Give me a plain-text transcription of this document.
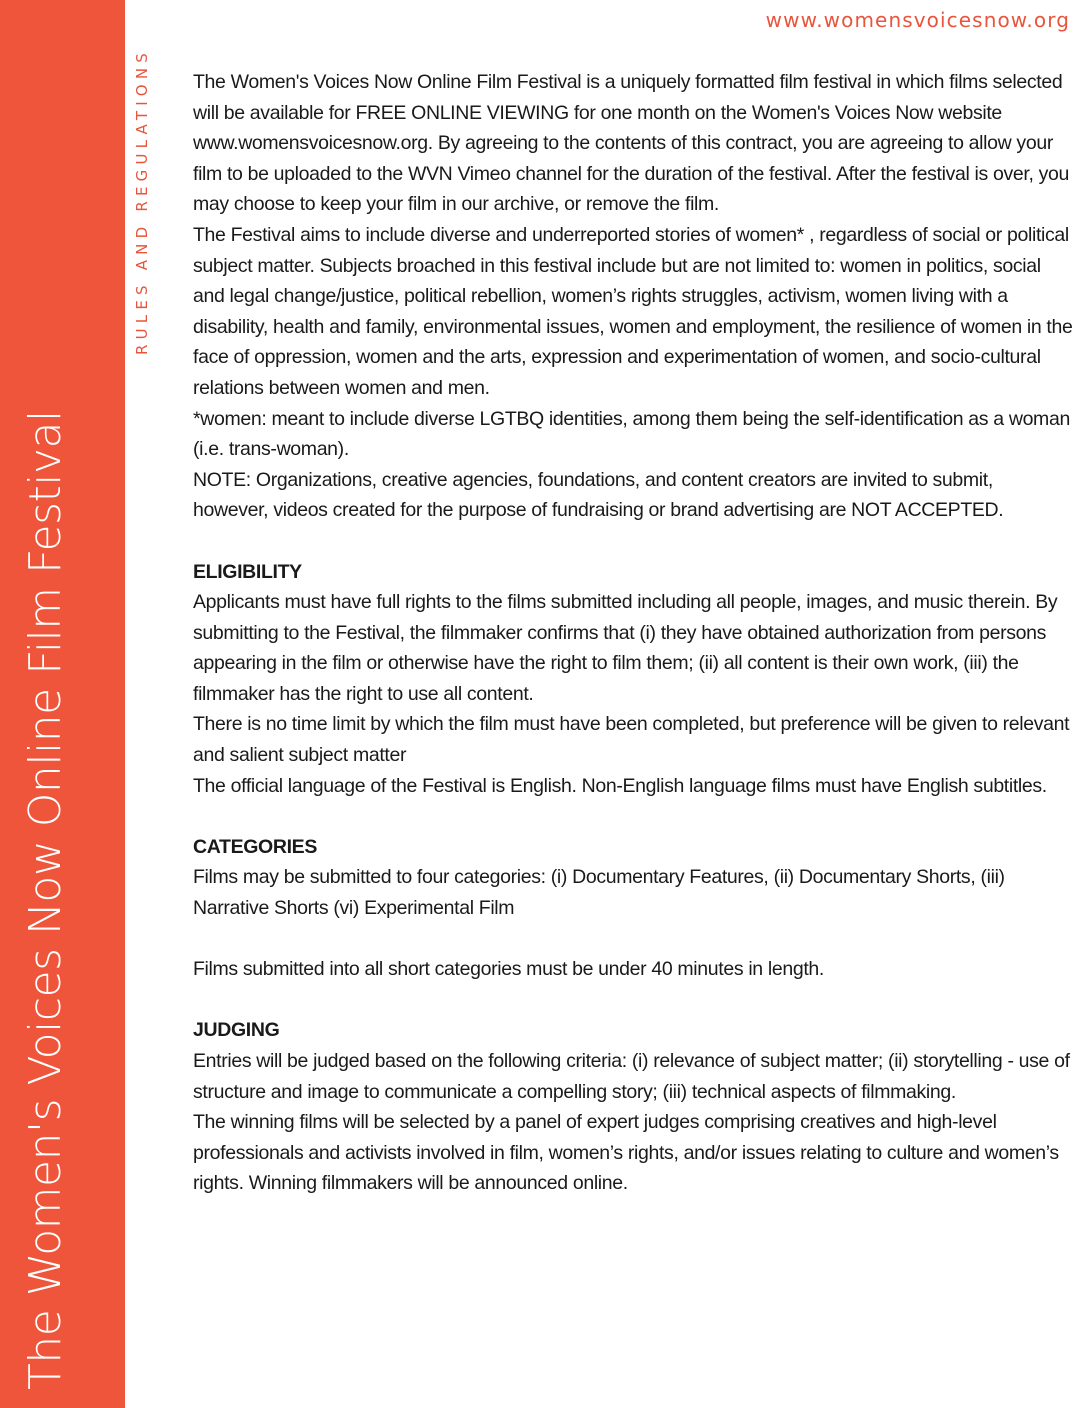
The Women's Voices Now Online Film Festival
RULES AND REGULATIONS
www.womensvoicesnow.org

The Women's Voices Now Online Film Festival is a uniquely formatted film festival in which films selected will be available for FREE ONLINE VIEWING for one month on the Women's Voices Now website www.womensvoicesnow.org. By agreeing to the contents of this contract, you are agreeing to allow your film to be uploaded to the WVN Vimeo channel for the duration of the festival. After the festival is over, you may choose to keep your film in our archive, or remove the film.

The Festival aims to include diverse and underreported stories of women* , regardless of social or political subject matter. Subjects broached in this festival include but are not limited to: women in politics, social and legal change/justice, political rebellion, women’s rights struggles, activism, women living with a disability, health and family, environmental issues, women and employment, the resilience of women in the face of oppression, women and the arts, expression and experimentation of women, and socio-cultural relations between women and men.

*women: meant to include diverse LGTBQ identities, among them being the self-identification as a woman (i.e. trans-woman).

NOTE: Organizations, creative agencies, foundations, and content creators are invited to submit, however, videos created for the purpose of fundraising or brand advertising are NOT ACCEPTED.

ELIGIBILITY

Applicants must have full rights to the films submitted including all people, images, and music therein. By submitting to the Festival, the filmmaker confirms that (i) they have obtained authorization from persons appearing in the film or otherwise have the right to film them; (ii) all content is their own work, (iii) the filmmaker has the right to use all content.

There is no time limit by which the film must have been completed, but preference will be given to relevant and salient subject matter

The official language of the Festival is English. Non-English language films must have English subtitles.

CATEGORIES

Films may be submitted to four categories: (i) Documentary Features, (ii) Documentary Shorts, (iii) Narrative Shorts (vi) Experimental Film

Films submitted into all short categories must be under 40 minutes in length.

JUDGING

Entries will be judged based on the following criteria: (i) relevance of subject matter; (ii) storytelling - use of structure and image to communicate a compelling story; (iii) technical aspects of filmmaking.

The winning films will be selected by a panel of expert judges comprising creatives and high-level professionals and activists involved in film, women’s rights, and/or issues relating to culture and women’s rights. Winning filmmakers will be announced online.
